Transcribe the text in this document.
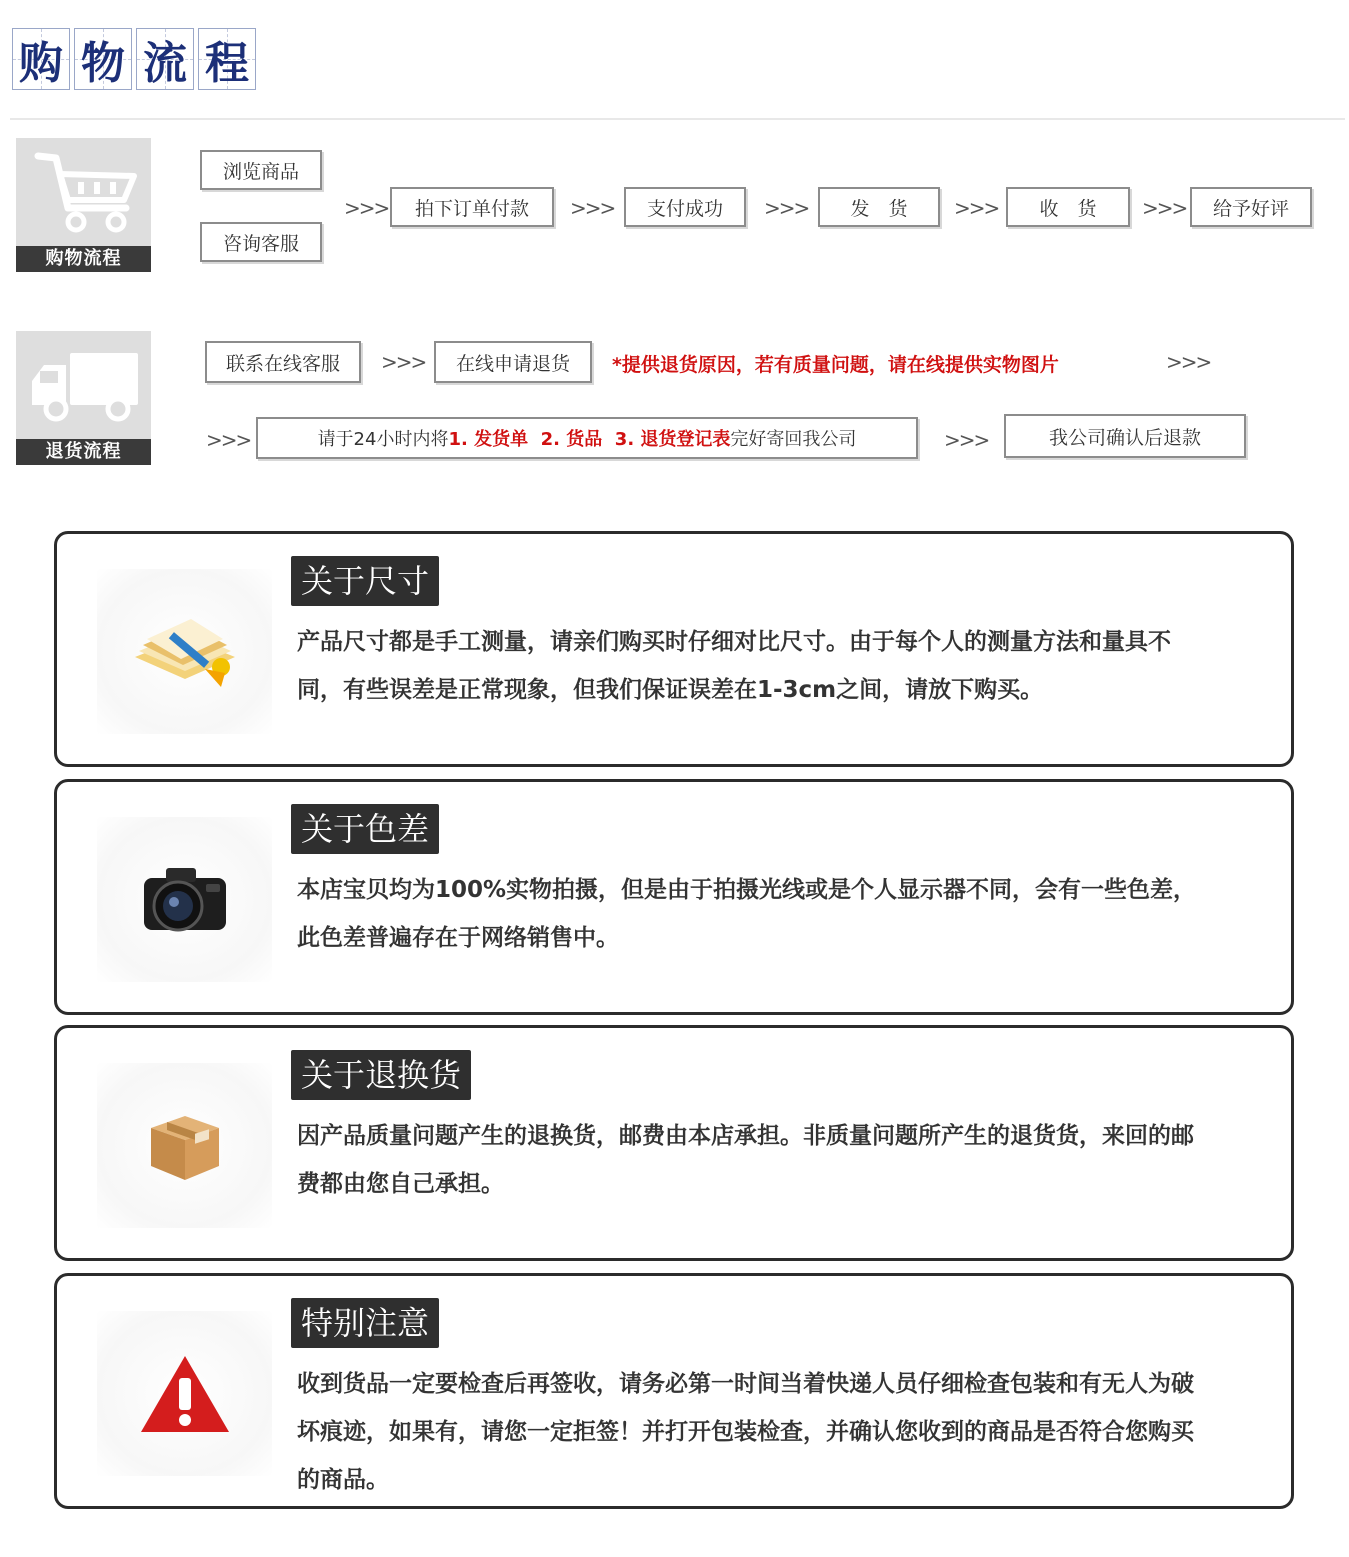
购 物 流 程
购物流程
浏览商品
咨询客服
>>>	拍下订单付款	>>>	支付成功	>>>	发　货	>>>	收　货	>>>	给予好评
退货流程
联系在线客服	>>>	在线申请退货	*提供退货原因，若有质量问题，请在线提供实物图片	>>>
>>>	请于24小时内将 1. 发货单  2. 货品  3. 退货登记表 完好寄回我公司	>>>	我公司确认后退款
关于尺寸
产品尺寸都是手工测量，请亲们购买时仔细对比尺寸。由于每个人的测量方法和量具不同，有些误差是正常现象，但我们保证误差在1-3cm之间，请放下购买。
关于色差
本店宝贝均为100%实物拍摄，但是由于拍摄光线或是个人显示器不同，会有一些色差，此色差普遍存在于网络销售中。
关于退换货
因产品质量问题产生的退换货，邮费由本店承担。非质量问题所产生的退货货，来回的邮费都由您自己承担。
特别注意
收到货品一定要检查后再签收，请务必第一时间当着快递人员仔细检查包装和有无人为破坏痕迹，如果有，请您一定拒签！并打开包装检查，并确认您收到的商品是否符合您购买的商品。
